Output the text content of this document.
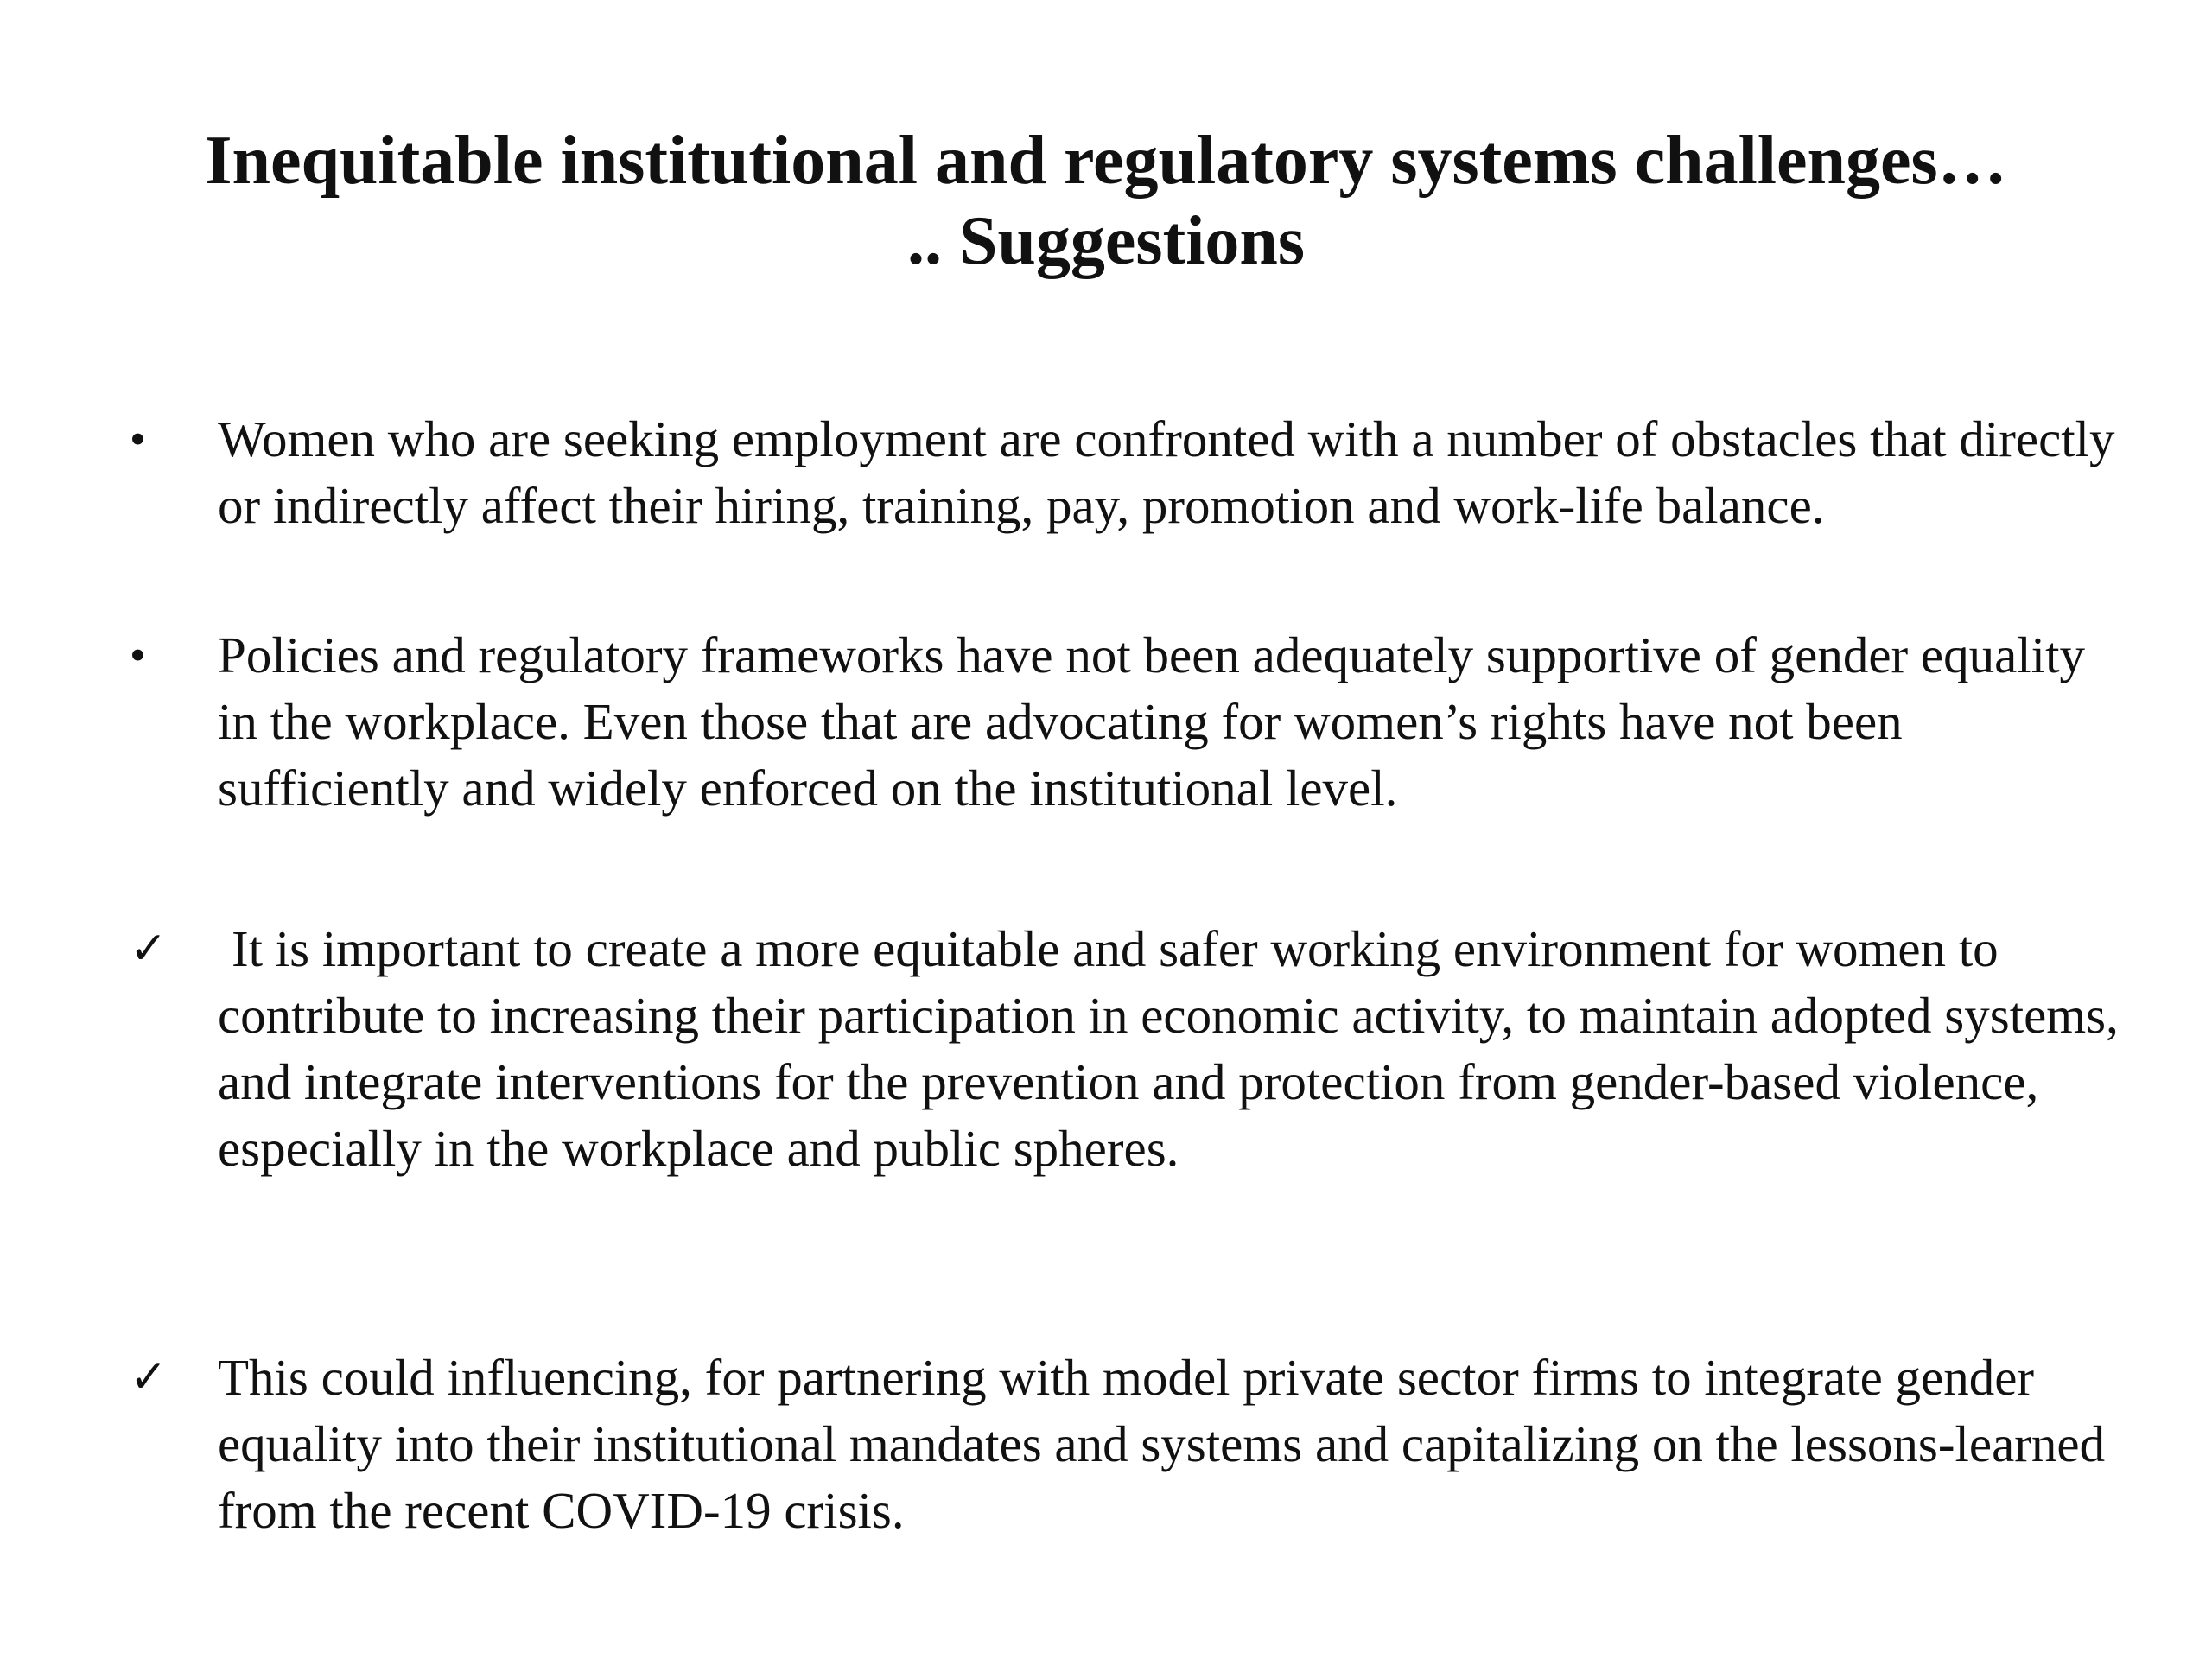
Inequitable institutional and regulatory systems challenges…
.. Suggestions
•	Women who are seeking employment are confronted with a number of obstacles that directly or indirectly affect their hiring, training, pay, promotion and work-life balance.

•	Policies and regulatory frameworks have not been adequately supportive of gender equality in the workplace. Even those that are advocating for women’s rights have not been sufficiently and widely enforced on the institutional level.

✓ It is important to create a more equitable and safer working environment for women to contribute to increasing their participation in economic activity, to maintain adopted systems, and integrate interventions for the prevention and protection from gender-based violence, especially in the workplace and public spheres.

✓ This could influencing, for partnering with model private sector firms to integrate gender equality into their institutional mandates and systems and capitalizing on the lessons-learned from the recent COVID-19 crisis.
